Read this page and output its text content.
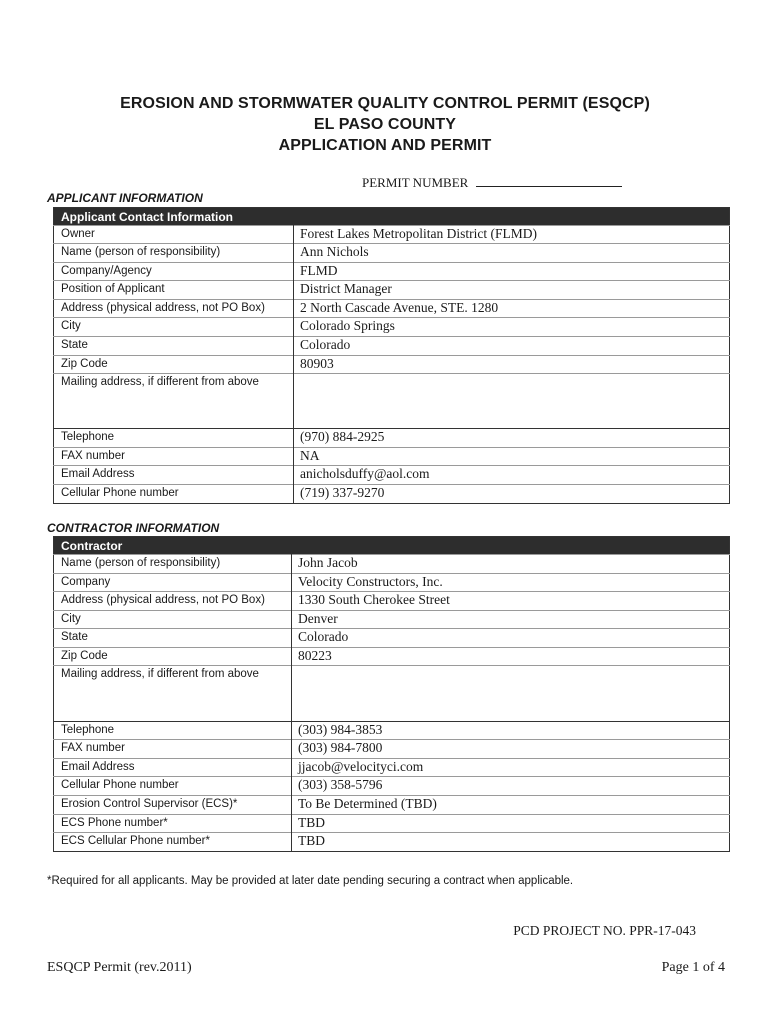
EROSION AND STORMWATER QUALITY CONTROL PERMIT (ESQCP)
EL PASO COUNTY
APPLICATION AND PERMIT
PERMIT NUMBER
APPLICANT INFORMATION
Applicant Contact Information	
Owner	Forest Lakes Metropolitan District (FLMD)
Name (person of responsibility)	Ann Nichols
Company/Agency	FLMD
Position of Applicant	District Manager
Address (physical address, not PO Box)	2 North Cascade Avenue, STE. 1280
City	Colorado Springs
State	Colorado
Zip Code	80903
Mailing address, if different from above	
Telephone	(970) 884-2925
FAX number	NA
Email Address	anicholsduffy@aol.com
Cellular Phone number	(719) 337-9270
CONTRACTOR INFORMATION
Contractor	
Name (person of responsibility)	John Jacob
Company	Velocity Constructors, Inc.
Address (physical address, not PO Box)	1330 South Cherokee Street
City	Denver
State	Colorado
Zip Code	80223
Mailing address, if different from above	
Telephone	(303) 984-3853
FAX number	(303) 984-7800
Email Address	jjacob@velocityci.com
Cellular Phone number	(303) 358-5796
Erosion Control Supervisor (ECS)*	To Be Determined (TBD)
ECS Phone number*	TBD
ECS Cellular Phone number*	TBD
*Required for all applicants. May be provided at later date pending securing a contract when applicable.
PCD PROJECT NO. PPR-17-043
ESQCP Permit (rev.2011)	Page 1 of 4
